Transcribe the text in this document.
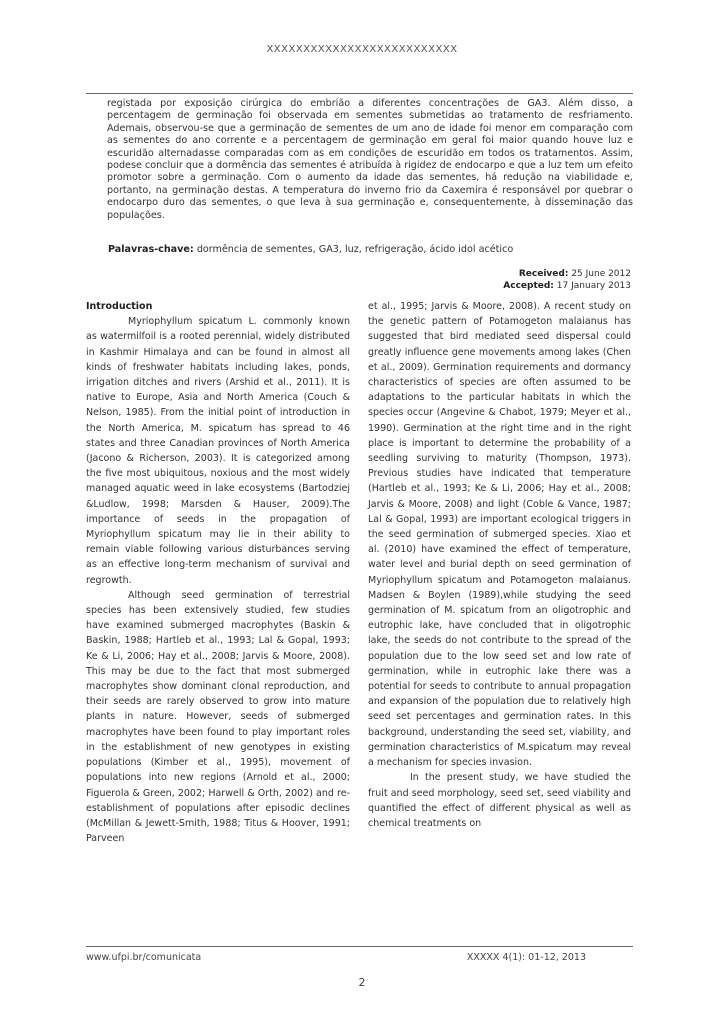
XXXXXXXXXXXXXXXXXXXXXXXXXX

registada por exposição cirúrgica do embrião a diferentes concentrações de GA3. Além disso, a percentagem de germinação foi observada em sementes submetidas ao tratamento de resfriamento. Ademais, observou-se que a germinação de sementes de um ano de idade foi menor em comparação com as sementes do ano corrente e a percentagem de germinação em geral foi maior quando houve luz e escuridão alternadasse comparadas com as em condições de escuridão em todos os tratamentos. Assim, podese concluir que a dormência das sementes é atribuída à rigidez de endocarpo e que a luz tem um efeito promotor sobre a germinação. Com o aumento da idade das sementes, há redução na viabilidade e, portanto, na germinação destas. A temperatura do inverno frio da Caxemira é responsável por quebrar o endocarpo duro das sementes, o que leva à sua germinação e, consequentemente, à disseminação das populações.

Palavras-chave: dormência de sementes, GA3, luz, refrigeração, ácido idol acético
Received: 25 June 2012
Accepted: 17 January 2013

Introduction

Myriophyllum spicatum L. commonly known as watermilfoil is a rooted perennial, widely distributed in Kashmir Himalaya and can be found in almost all kinds of freshwater habitats including lakes, ponds, irrigation ditches and rivers (Arshid et al., 2011). It is native to Europe, Asia and North America (Couch & Nelson, 1985). From the initial point of introduction in the North America, M. spicatum has spread to 46 states and three Canadian provinces of North America (Jacono & Richerson, 2003). It is categorized among the five most ubiquitous, noxious and the most widely managed aquatic weed in lake ecosystems (Bartodziej &Ludlow, 1998; Marsden & Hauser, 2009).The importance of seeds in the propagation of Myriophyllum spicatum may lie in their ability to remain viable following various disturbances serving as an effective long-term mechanism of survival and regrowth.

Although seed germination of terrestrial species has been extensively studied, few studies have examined submerged macrophytes (Baskin & Baskin, 1988; Hartleb et al., 1993; Lal & Gopal, 1993; Ke & Li, 2006; Hay et al., 2008; Jarvis & Moore, 2008). This may be due to the fact that most submerged macrophytes show dominant clonal reproduction, and their seeds are rarely observed to grow into mature plants in nature. However, seeds of submerged macrophytes have been found to play important roles in the establishment of new genotypes in existing populations (Kimber et al., 1995), movement of populations into new regions (Arnold et al., 2000; Figuerola & Green, 2002; Harwell & Orth, 2002) and re-establishment of populations after episodic declines (McMillan & Jewett-Smith, 1988; Titus & Hoover, 1991; Parveen

et al., 1995; Jarvis & Moore, 2008). A recent study on the genetic pattern of Potamogeton malaianus has suggested that bird mediated seed dispersal could greatly influence gene movements among lakes (Chen et al., 2009). Germination requirements and dormancy characteristics of species are often assumed to be adaptations to the particular habitats in which the species occur (Angevine & Chabot, 1979; Meyer et al., 1990). Germination at the right time and in the right place is important to determine the probability of a seedling surviving to maturity (Thompson, 1973). Previous studies have indicated that temperature (Hartleb et al., 1993; Ke & Li, 2006; Hay et al., 2008; Jarvis & Moore, 2008) and light (Coble & Vance, 1987; Lal & Gopal, 1993) are important ecological triggers in the seed germination of submerged species. Xiao et al. (2010) have examined the effect of temperature, water level and burial depth on seed germination of Myriophyllum spicatum and Potamogeton malaianus. Madsen & Boylen (1989),while studying the seed germination of M. spicatum from an oligotrophic and eutrophic lake, have concluded that in oligotrophic lake, the seeds do not contribute to the spread of the population due to the low seed set and low rate of germination, while in eutrophic lake there was a potential for seeds to contribute to annual propagation and expansion of the population due to relatively high seed set percentages and germination rates. In this background, understanding the seed set, viability, and germination characteristics of M.spicatum may reveal a mechanism for species invasion.

In the present study, we have studied the fruit and seed morphology, seed set, seed viability and quantified the effect of different physical as well as chemical treatments on

www.ufpi.br/comunicata	XXXXX 4(1): 01-12, 2013
2
